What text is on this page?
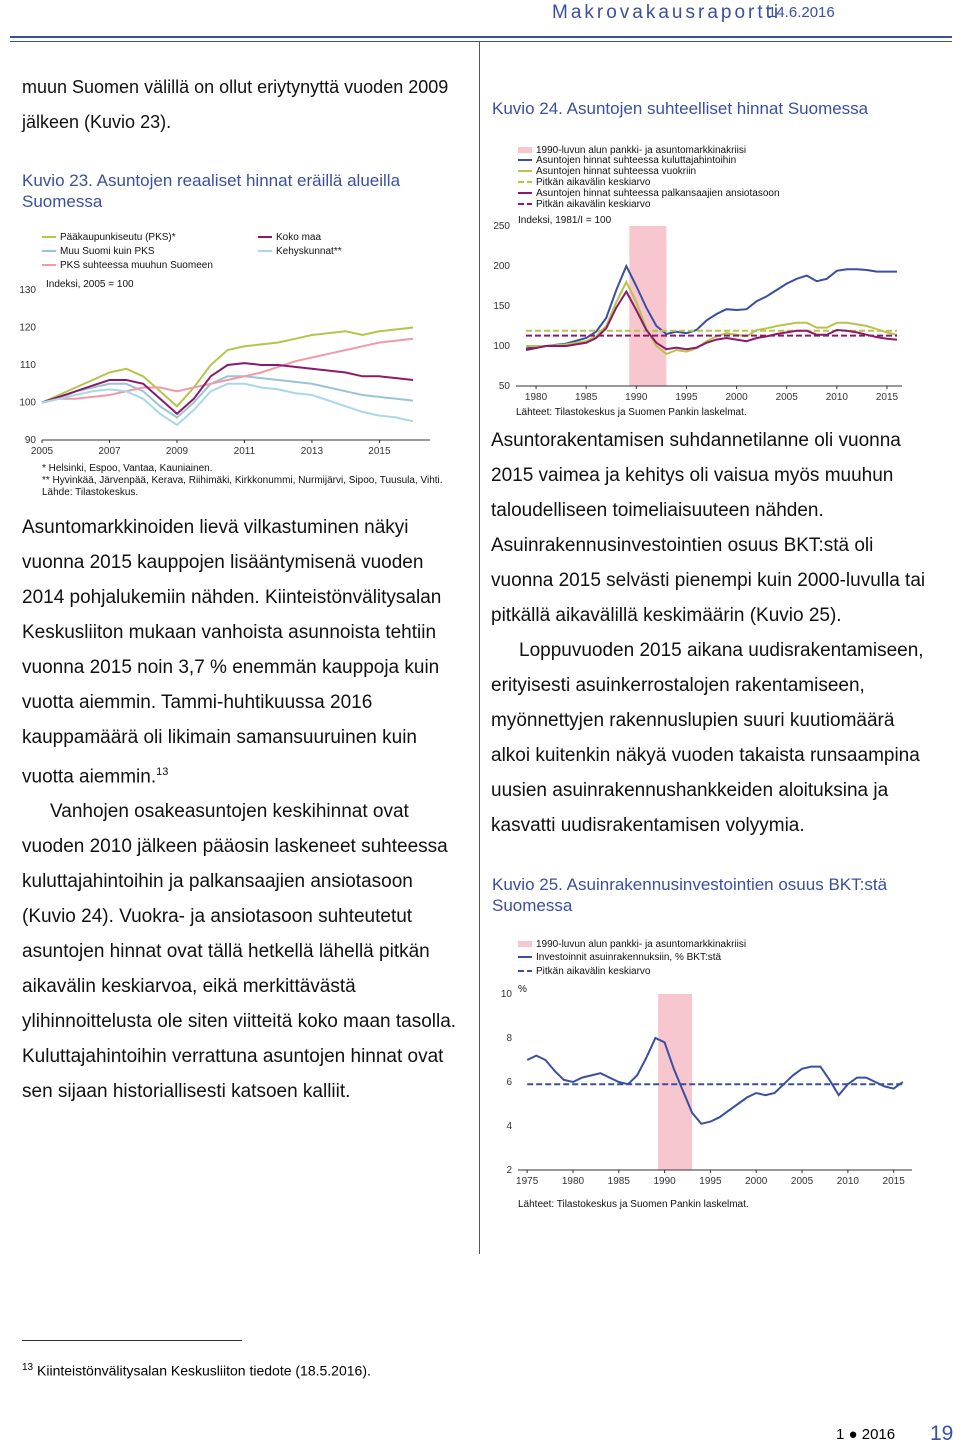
Makrovakausraportti
14.6.2016

muun Suomen välillä on ollut eriytynyttä vuoden 2009 jälkeen (Kuvio 23).

Kuvio 23. Asuntojen reaaliset hinnat eräillä alueilla Suomessa
Pääkaupunkiseutu (PKS)*
Muu Suomi kuin PKS
PKS suhteessa muuhun Suomeen
Koko maa
Kehyskunnat**
Indeksi, 2005 = 100
90
100
110
120
130
2005	2007	2009	2011	2013	2015
* Helsinki, Espoo, Vantaa, Kauniainen.
** Hyvinkää, Järvenpää, Kerava, Riihimäki, Kirkkonummi, Nurmijärvi, Sipoo, Tuusula, Vihti.
Lähde: Tilastokeskus.

Asuntomarkkinoiden lievä vilkastuminen näkyi vuonna 2015 kauppojen lisääntymisenä vuoden 2014 pohjalukemiin nähden. Kiinteistönvälitysalan Keskusliiton mukaan vanhoista asunnoista tehtiin vuonna 2015 noin 3,7 % enemmän kauppoja kuin vuotta aiemmin. Tammi-huhtikuussa 2016 kauppamäärä oli likimain samansuuruinen kuin vuotta aiemmin.$^{13}$

Vanhojen osakeasuntojen keskihinnat ovat vuoden 2010 jälkeen pääosin laskeneet suhteessa kuluttajahintoihin ja palkansaajien ansiotasoon (Kuvio 24). Vuokra- ja ansiotasoon suhteutetut asuntojen hinnat ovat tällä hetkellä lähellä pitkän aikavälin keskiarvoa, eikä merkittävästä ylihinnoittelusta ole siten viitteitä koko maan tasolla. Kuluttajahintoihin verrattuna asuntojen hinnat ovat sen sijaan historiallisesti katsoen kalliit.

Kuvio 24. Asuntojen suhteelliset hinnat Suomessa
1990-luvun alun pankki- ja asuntomarkkinakriisi
Asuntojen hinnat suhteessa kuluttajahintoihin
Asuntojen hinnat suhteessa vuokriin
Pitkän aikavälin keskiarvo
Asuntojen hinnat suhteessa palkansaajien ansiotasoon
Pitkän aikavälin keskiarvo
Indeksi, 1981/I = 100
50
100
150
200
250
1980	1985	1990	1995	2000	2005	2010	2015
Lähteet: Tilastokeskus ja Suomen Pankin laskelmat.

Asuntorakentamisen suhdannetilanne oli vuonna 2015 vaimea ja kehitys oli vaisua myös muuhun taloudelliseen toimeliaisuuteen nähden. Asuinrakennusinvestointien osuus BKT:stä oli vuonna 2015 selvästi pienempi kuin 2000-luvulla tai pitkällä aikavälillä keskimäärin (Kuvio 25).

Loppuvuoden 2015 aikana uudisrakentamiseen, erityisesti asuinkerrostalojen rakentamiseen, myönnettyjen rakennuslupien suuri kuutiomäärä alkoi kuitenkin näkyä vuoden takaista runsaampina uusien asuinrakennushankkeiden aloituksina ja kasvatti uudisrakentamisen volyymia.

Kuvio 25. Asuinrakennusinvestointien osuus BKT:stä Suomessa
1990-luvun alun pankki- ja asuntomarkkinakriisi
Investoinnit asuinrakennuksiin, % BKT:stä
Pitkän aikavälin keskiarvo
%
2
4
6
8
10
1975 1980 1985 1990 1995 2000 2005 2010 2015
Lähteet: Tilastokeskus ja Suomen Pankin laskelmat.
$^{13}$ Kiinteistönvälitysalan Keskusliiton tiedote (18.5.2016).
1 ● 2016 19
